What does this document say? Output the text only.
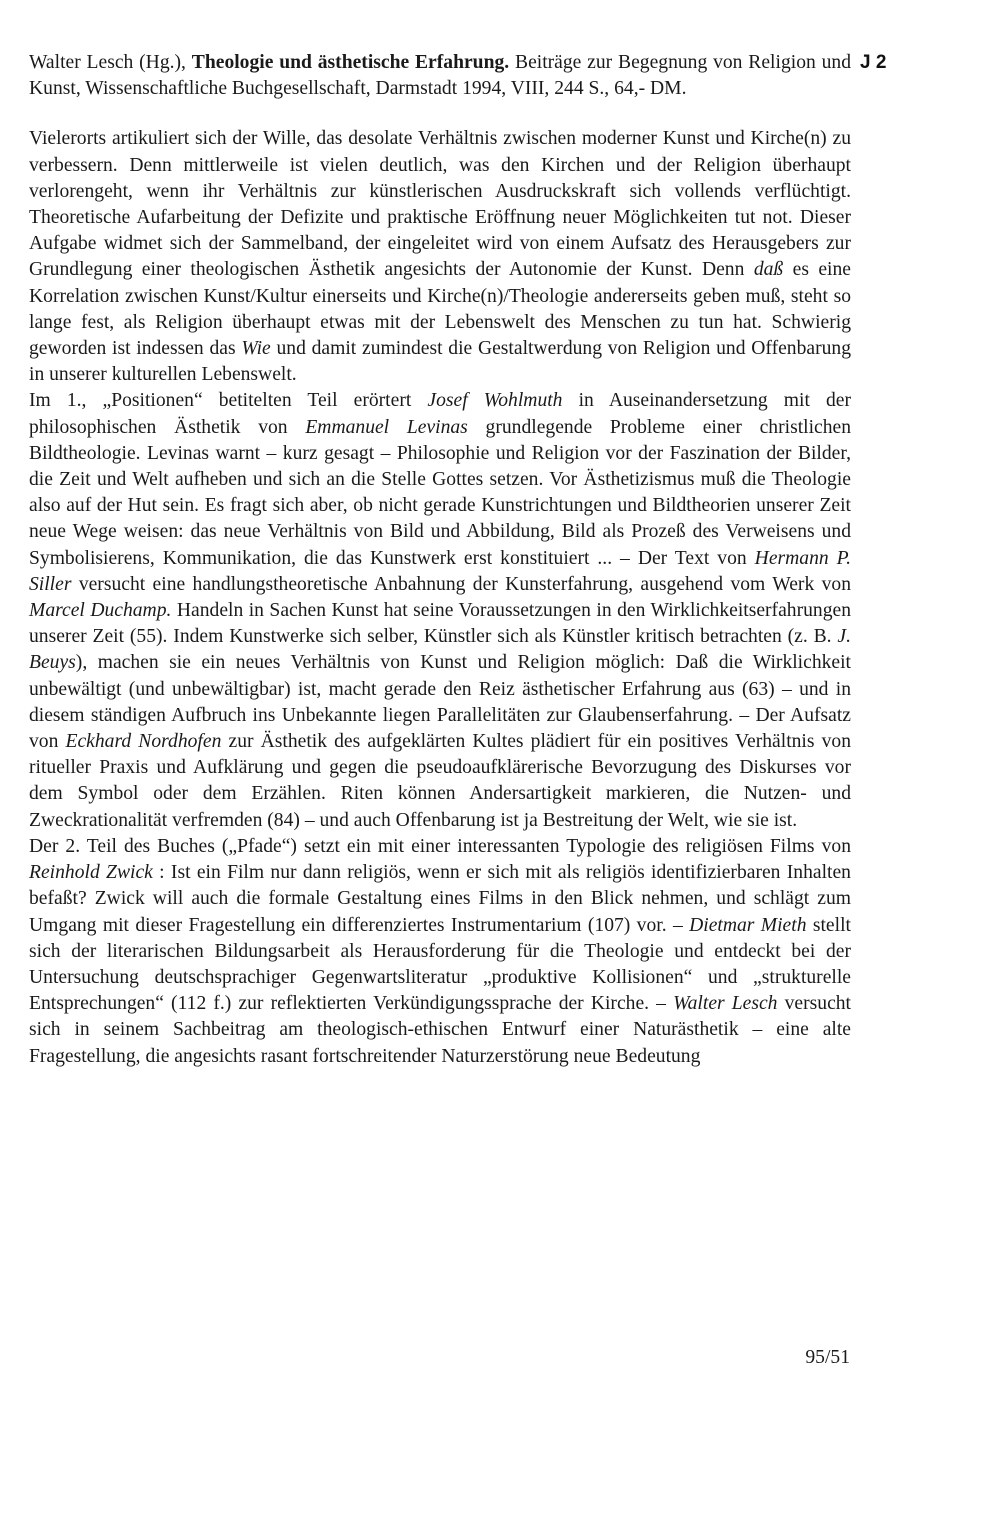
J 2

Walter Lesch (Hg.), Theologie und ästhetische Erfahrung. Beiträge zur Begegnung von Religion und Kunst, Wissenschaftliche Buchgesellschaft, Darmstadt 1994, VIII, 244 S., 64,- DM.

Vielerorts artikuliert sich der Wille, das desolate Verhältnis zwischen moderner Kunst und Kirche(n) zu verbessern. Denn mittlerweile ist vielen deutlich, was den Kirchen und der Religion überhaupt verlorengeht, wenn ihr Verhältnis zur künstlerischen Ausdruckskraft sich vollends verflüchtigt. Theoretische Aufarbeitung der Defizite und praktische Eröffnung neuer Möglichkeiten tut not. Dieser Aufgabe widmet sich der Sammelband, der eingeleitet wird von einem Aufsatz des Herausgebers zur Grundlegung einer theologischen Ästhetik angesichts der Autonomie der Kunst. Denn daß es eine Korrelation zwischen Kunst/Kultur einerseits und Kirche(n)/Theologie andererseits geben muß, steht so lange fest, als Religion überhaupt etwas mit der Lebenswelt des Menschen zu tun hat. Schwierig geworden ist indessen das Wie und damit zumindest die Gestaltwerdung von Religion und Offenbarung in unserer kulturellen Lebenswelt.

Im 1., „Positionen“ betitelten Teil erörtert Josef Wohlmuth in Auseinandersetzung mit der philosophischen Ästhetik von Emmanuel Levinas grundlegende Probleme einer christlichen Bildtheologie. Levinas warnt – kurz gesagt – Philosophie und Religion vor der Faszination der Bilder, die Zeit und Welt aufheben und sich an die Stelle Gottes setzen. Vor Ästhetizismus muß die Theologie also auf der Hut sein. Es fragt sich aber, ob nicht gerade Kunstrichtungen und Bildtheorien unserer Zeit neue Wege weisen: das neue Verhältnis von Bild und Abbildung, Bild als Prozeß des Verweisens und Symbolisierens, Kommunikation, die das Kunstwerk erst konstituiert ... – Der Text von Hermann P. Siller versucht eine handlungstheoretische Anbahnung der Kunsterfahrung, ausgehend vom Werk von Marcel Duchamp. Handeln in Sachen Kunst hat seine Voraussetzungen in den Wirklichkeitserfahrungen unserer Zeit (55). Indem Kunstwerke sich selber, Künstler sich als Künstler kritisch betrachten (z. B. J. Beuys), machen sie ein neues Verhältnis von Kunst und Religion möglich: Daß die Wirklichkeit unbewältigt (und unbewältigbar) ist, macht gerade den Reiz ästhetischer Erfahrung aus (63) – und in diesem ständigen Aufbruch ins Unbekannte liegen Parallelitäten zur Glaubenserfahrung. – Der Aufsatz von Eckhard Nordhofen zur Ästhetik des aufgeklärten Kultes plädiert für ein positives Verhältnis von ritueller Praxis und Aufklärung und gegen die pseudoaufklärerische Bevorzugung des Diskurses vor dem Symbol oder dem Erzählen. Riten können Andersartigkeit markieren, die Nutzen- und Zweckrationalität verfremden (84) – und auch Offenbarung ist ja Bestreitung der Welt, wie sie ist.

Der 2. Teil des Buches („Pfade“) setzt ein mit einer interessanten Typologie des religiösen Films von Reinhold Zwick : Ist ein Film nur dann religiös, wenn er sich mit als religiös identifizierbaren Inhalten befaßt? Zwick will auch die formale Gestaltung eines Films in den Blick nehmen, und schlägt zum Umgang mit dieser Fragestellung ein differenziertes Instrumentarium (107) vor. – Dietmar Mieth stellt sich der literarischen Bildungsarbeit als Herausforderung für die Theologie und entdeckt bei der Untersuchung deutschsprachiger Gegenwartsliteratur „produktive Kollisionen“ und „strukturelle Entsprechungen“ (112 f.) zur reflektierten Verkündigungssprache der Kirche. – Walter Lesch versucht sich in seinem Sachbeitrag am theologisch-ethischen Entwurf einer Naturästhetik – eine alte Fragestellung, die angesichts rasant fortschreitender Naturzerstörung neue Bedeutung

95/51
